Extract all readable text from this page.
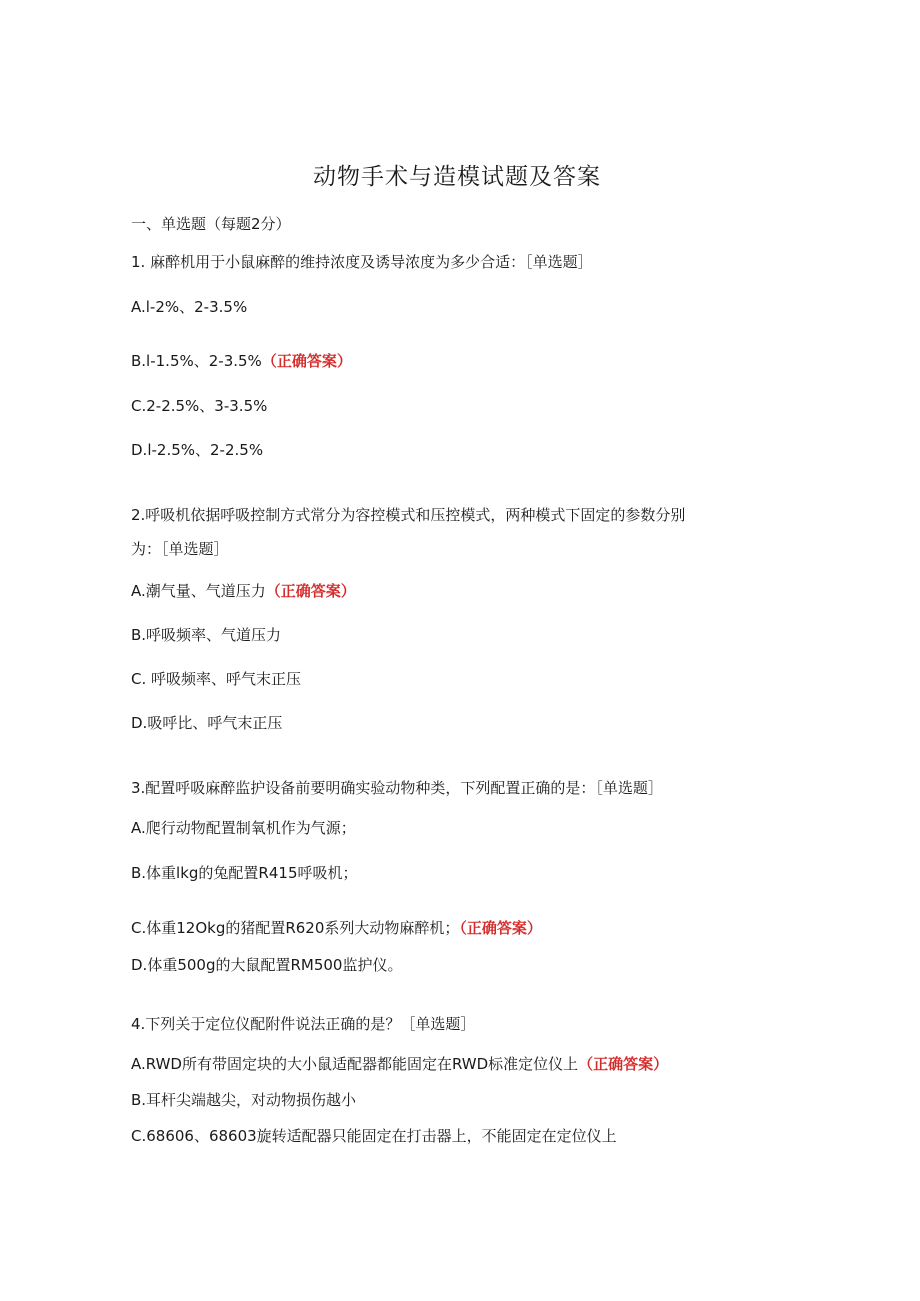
动物手术与造模试题及答案
一、单选题（每题2分）
1. 麻醉机用于小鼠麻醉的维持浓度及诱导浓度为多少合适：［单选题］
A.l-2%、2-3.5%
B.l-1.5%、2-3.5%（正确答案）
C.2-2.5%、3-3.5%
D.l-2.5%、2-2.5%
2.呼吸机依据呼吸控制方式常分为容控模式和压控模式，两种模式下固定的参数分别
为：［单选题］
A.潮气量、气道压力（正确答案）
B.呼吸频率、气道压力
C. 呼吸频率、呼气末正压
D.吸呼比、呼气末正压
3.配置呼吸麻醉监护设备前要明确实验动物种类，下列配置正确的是：［单选题］
A.爬行动物配置制氧机作为气源；
B.体重lkg的兔配置R415呼吸机；
C.体重12Okg的猪配置R620系列大动物麻醉机；（正确答案）
D.体重500g的大鼠配置RM500监护仪。
4.下列关于定位仪配附件说法正确的是？［单选题］
A.RWD所有带固定块的大小鼠适配器都能固定在RWD标准定位仪上（正确答案）
B.耳杆尖端越尖，对动物损伤越小
C.68606、68603旋转适配器只能固定在打击器上，不能固定在定位仪上
